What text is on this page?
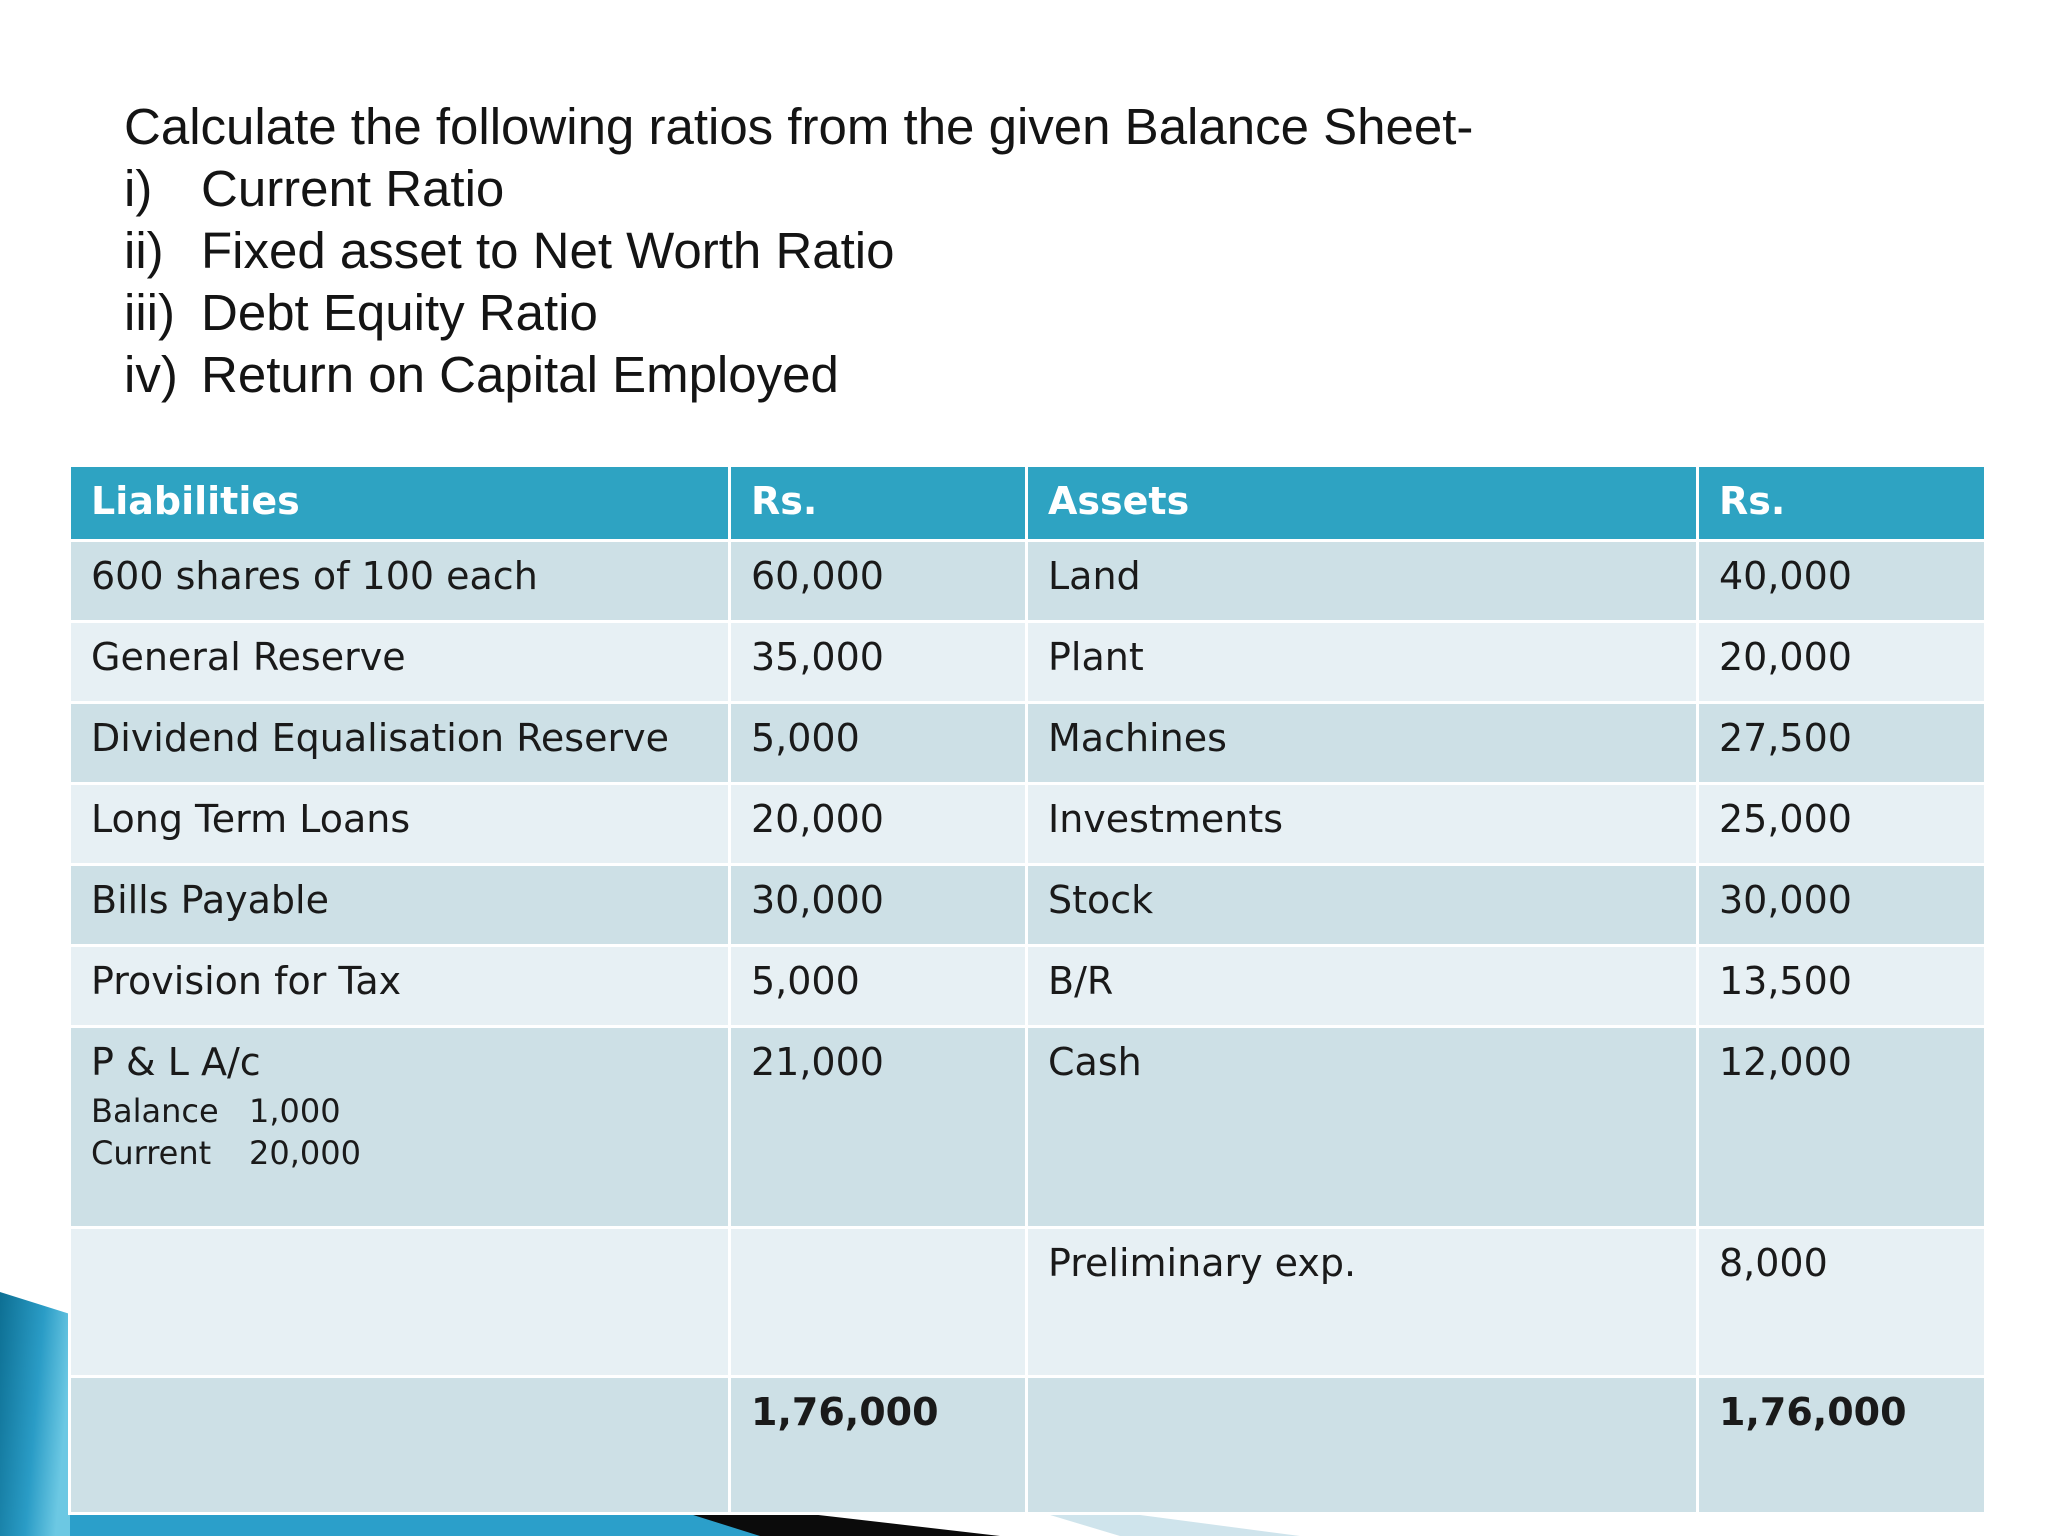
Calculate the following ratios from the given Balance Sheet-
i) Current Ratio
ii) Fixed asset to Net Worth Ratio
iii) Debt Equity Ratio
iv) Return on Capital Employed
Liabilities	Rs.	Assets	Rs.
600 shares of 100 each	60,000	Land	40,000
General Reserve	35,000	Plant	20,000
Dividend Equalisation Reserve	5,000	Machines	27,500
Long Term Loans	20,000	Investments	25,000
Bills Payable	30,000	Stock	30,000
Provision for Tax	5,000	B/R	13,500

P & L A/c
Balance 1,000
Current 20,000	21,000	Cash	12,000
		Preliminary exp.	8,000
	1,76,000		1,76,000
